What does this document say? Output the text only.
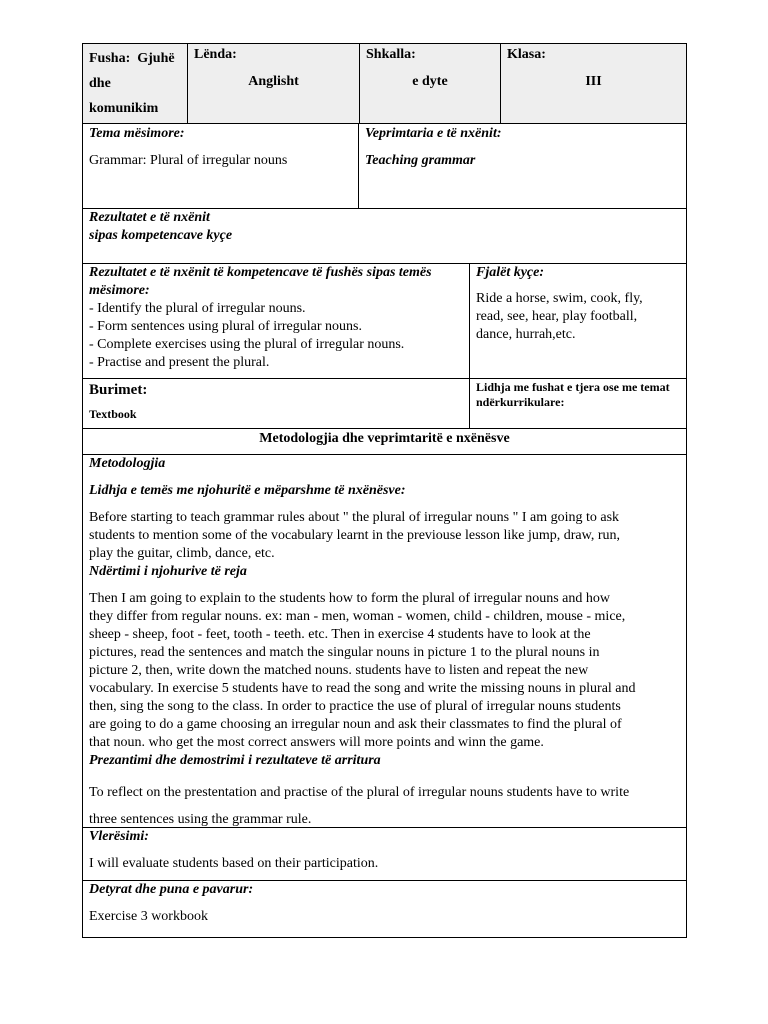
Fusha: Gjuhë
dhe
komunikim
Lënda:
Anglisht
Shkalla:
e dyte
Klasa:
III
Tema mësimore:
Grammar: Plural of irregular nouns
Veprimtaria e të nxënit:
Teaching grammar
Rezultatet e të nxënit
sipas kompetencave kyçe
Rezultatet e të nxënit të kompetencave të fushës sipas temës
mësimore:
- Identify the plural of irregular nouns.
- Form sentences using plural of irregular nouns.
- Complete exercises using the plural of irregular nouns.
- Practise and present the plural.
Fjalët kyçe:
Ride a horse, swim, cook, fly,
read, see, hear, play football,
dance, hurrah,etc.
Burimet:
Textbook
Lidhja me fushat e tjera ose me temat
ndërkurrikulare:
Metodologjia dhe veprimtaritë e nxënësve
Metodologjia
Lidhja e temës me njohuritë e mëparshme të nxënësve:
Before starting to teach grammar rules about " the plural of irregular nouns " I am going to ask
students to mention some of the vocabulary learnt in the previouse lesson like jump, draw, run,
play the guitar, climb, dance, etc.
Ndërtimi i njohurive të reja
Then I am going to explain to the students how to form the plural of irregular nouns and how
they differ from regular nouns. ex: man - men, woman - women, child - children, mouse - mice,
sheep - sheep, foot - feet, tooth - teeth. etc. Then in exercise 4 students have to look at the
pictures, read the sentences and match the singular nouns in picture 1 to the plural nouns in
picture 2, then, write down the matched nouns. students have to listen and repeat the new
vocabulary. In exercise 5 students have to read the song and write the missing nouns in plural and
then, sing the song to the class. In order to practice the use of plural of irregular nouns students
are going to do a game choosing an irregular noun and ask their classmates to find the plural of
that noun. who get the most correct answers will more points and winn the game.
Prezantimi dhe demostrimi i rezultateve të arritura
To reflect on the prestentation and practise of the plural of irregular nouns students have to write
three sentences using the grammar rule.
Vlerësimi:
I will evaluate students based on their participation.
Detyrat dhe puna e pavarur:
Exercise 3 workbook
